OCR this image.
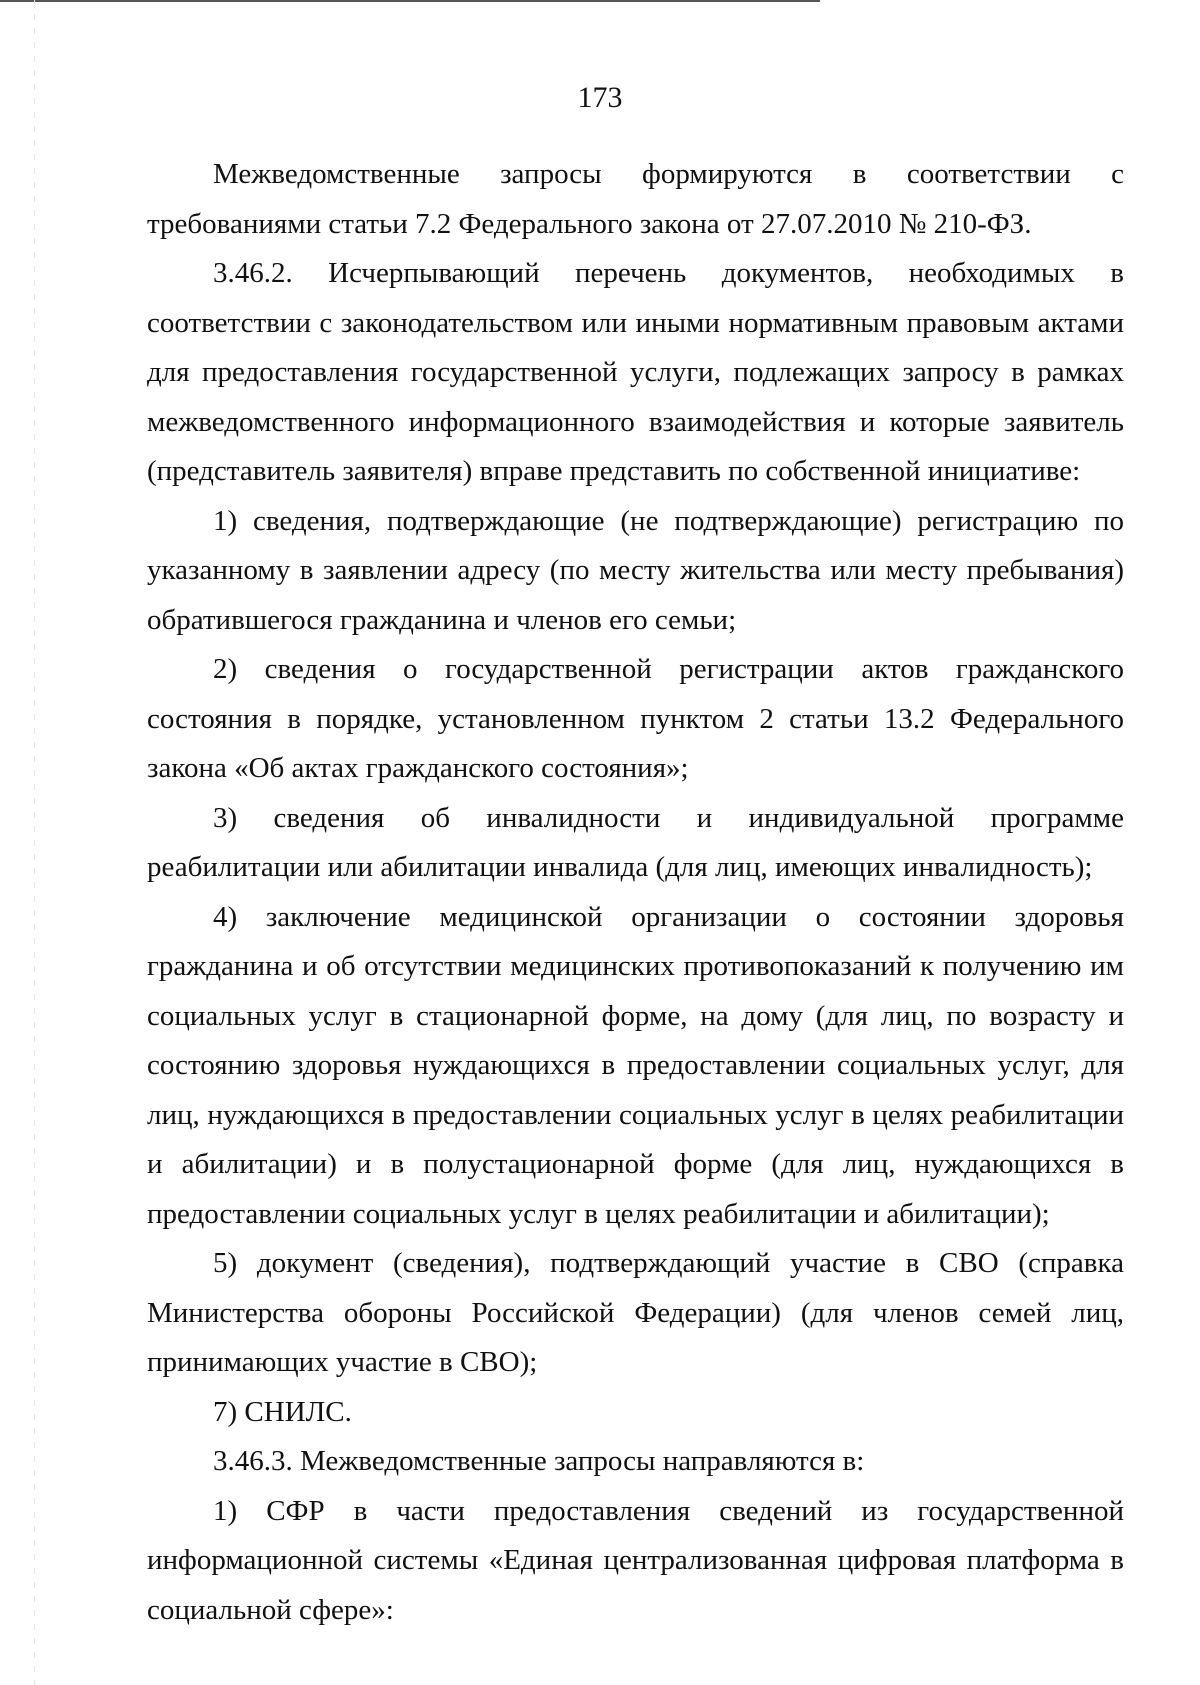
173

Межведомственные запросы формируются в соответствии с требованиями статьи 7.2 Федерального закона от 27.07.2010 № 210-ФЗ.

3.46.2. Исчерпывающий перечень документов, необходимых в соответствии с законодательством или иными нормативным правовым актами для предоставления государственной услуги, подлежащих запросу в рамках межведомственного информационного взаимодействия и которые заявитель (представитель заявителя) вправе представить по собственной инициативе:

1) сведения, подтверждающие (не подтверждающие) регистрацию по указанному в заявлении адресу (по месту жительства или месту пребывания) обратившегося гражданина и членов его семьи;

2) сведения о государственной регистрации актов гражданского состояния в порядке, установленном пунктом 2 статьи 13.2 Федерального закона «Об актах гражданского состояния»;

3) сведения об инвалидности и индивидуальной программе реабилитации или абилитации инвалида (для лиц, имеющих инвалидность);

4) заключение медицинской организации о состоянии здоровья гражданина и об отсутствии медицинских противопоказаний к получению им социальных услуг в стационарной форме, на дому (для лиц, по возрасту и состоянию здоровья нуждающихся в предоставлении социальных услуг, для лиц, нуждающихся в предоставлении социальных услуг в целях реабилитации и абилитации) и в полустационарной форме (для лиц, нуждающихся в предоставлении социальных услуг в целях реабилитации и абилитации);

5) документ (сведения), подтверждающий участие в СВО (справка Министерства обороны Российской Федерации) (для членов семей лиц, принимающих участие в СВО);

7) СНИЛС.

3.46.3. Межведомственные запросы направляются в:

1) СФР в части предоставления сведений из государственной информационной системы «Единая централизованная цифровая платформа в социальной сфере»:
